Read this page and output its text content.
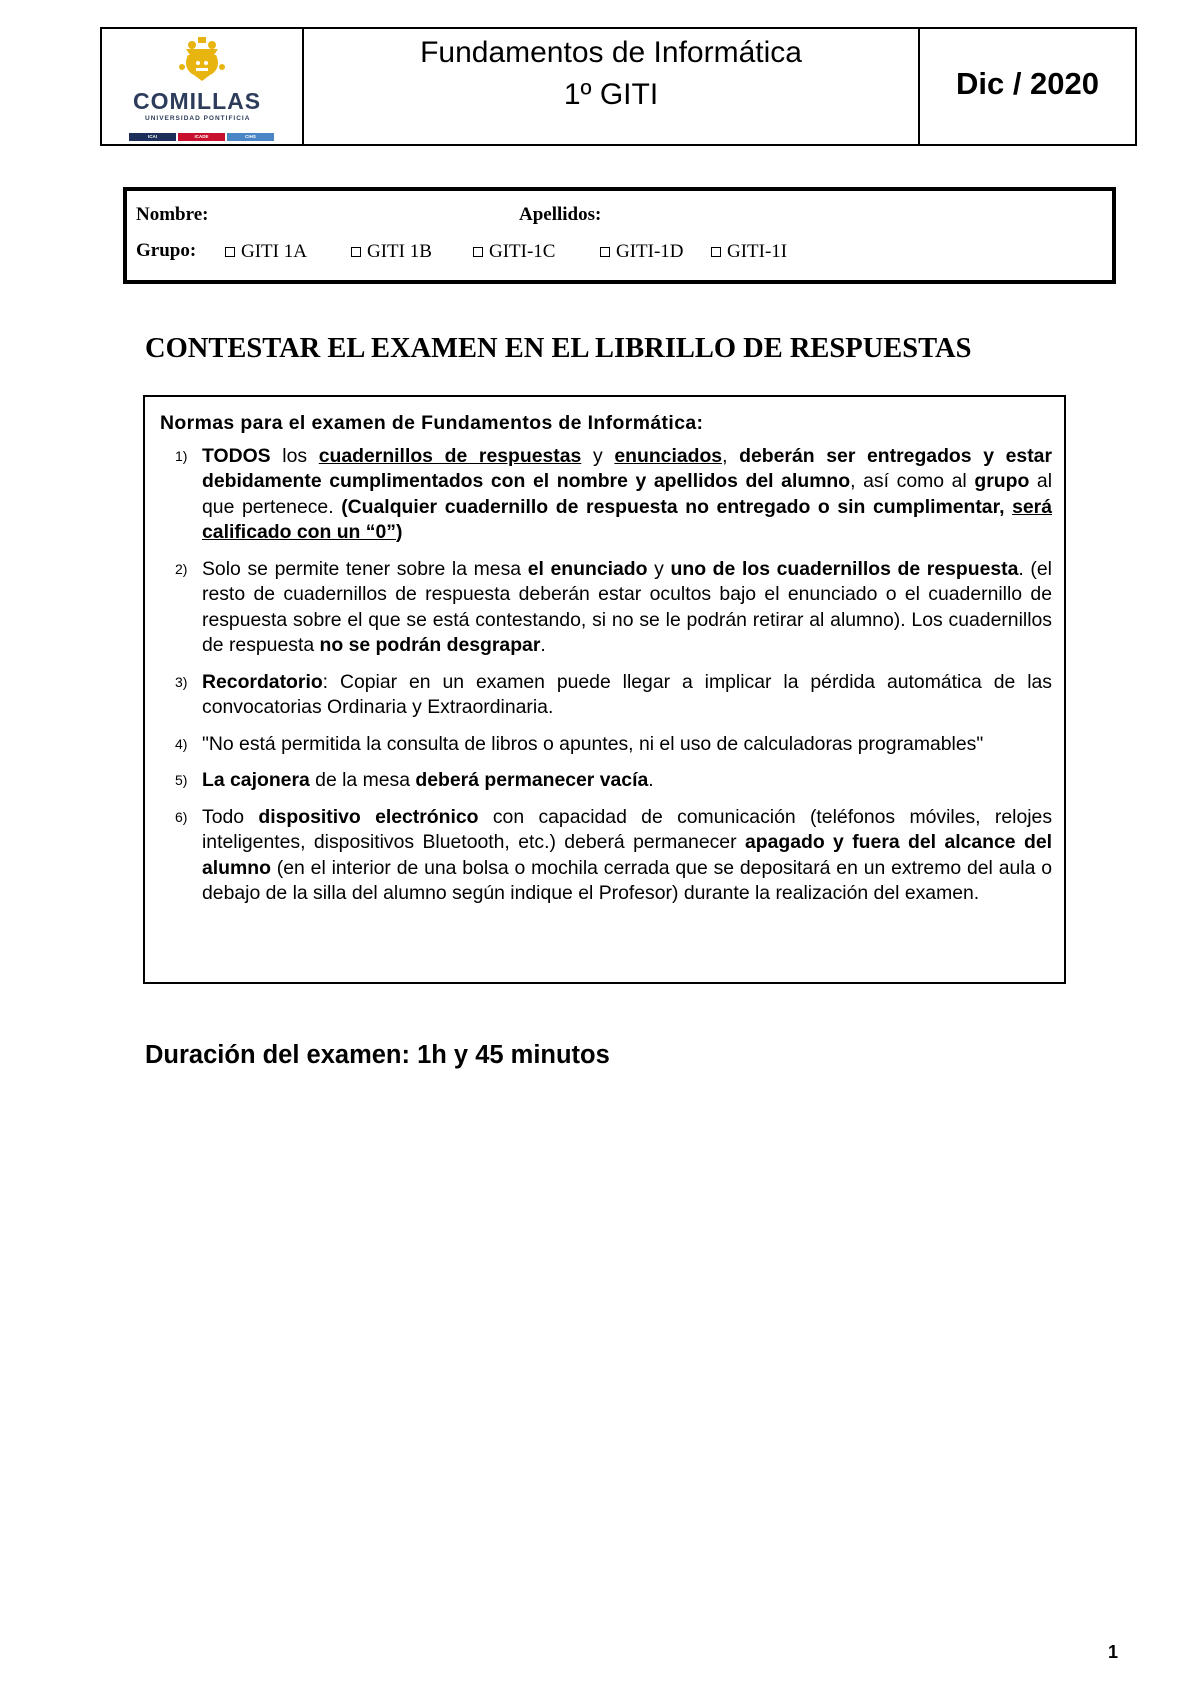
COMILLAS
UNIVERSIDAD PONTIFICIA
ICAI	ICADE	CIHS
Fundamentos de Informática
1º GITI	Dic / 2020
Nombre:	Apellidos:
Grupo: GITI 1A	GITI 1B	GITI-1C	GITI-1D GITI-1I
CONTESTAR EL EXAMEN EN EL LIBRILLO DE RESPUESTAS
Normas para el examen de Fundamentos de Informática:
1) TODOS los cuadernillos de respuestas y enunciados, deberán ser entregados y estar debidamente cumplimentados con el nombre y apellidos del alumno, así como al grupo al que pertenece. (Cualquier cuadernillo de respuesta no entregado o sin cumplimentar, será calificado con un “0”)
2) Solo se permite tener sobre la mesa el enunciado y uno de los cuadernillos de respuesta. (el resto de cuadernillos de respuesta deberán estar ocultos bajo el enunciado o el cuadernillo de respuesta sobre el que se está contestando, si no se le podrán retirar al alumno). Los cuadernillos de respuesta no se podrán desgrapar.
3) Recordatorio: Copiar en un examen puede llegar a implicar la pérdida automática de las convocatorias Ordinaria y Extraordinaria.
4) "No está permitida la consulta de libros o apuntes, ni el uso de calculadoras programables"
5) La cajonera de la mesa deberá permanecer vacía.
6) Todo dispositivo electrónico con capacidad de comunicación (teléfonos móviles, relojes inteligentes, dispositivos Bluetooth, etc.) deberá permanecer apagado y fuera del alcance del alumno (en el interior de una bolsa o mochila cerrada que se depositará en un extremo del aula o debajo de la silla del alumno según indique el Profesor) durante la realización del examen.
Duración del examen: 1h y 45 minutos
1
